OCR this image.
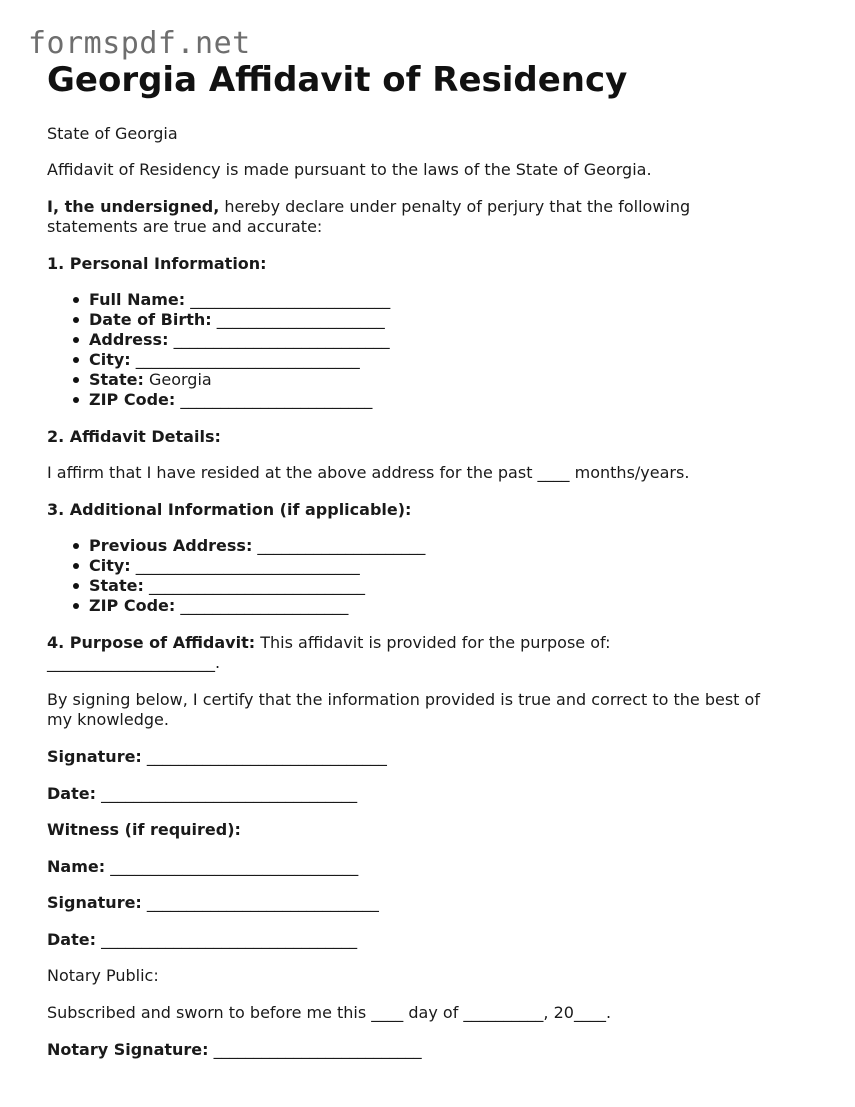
formspdf.net
Georgia Affidavit of Residency

State of Georgia

Affidavit of Residency is made pursuant to the laws of the State of Georgia.

I, the undersigned, hereby declare under penalty of perjury that the following

statements are true and accurate:

1. Personal Information:

Full Name: _________________________
Date of Birth: _____________________
Address: ___________________________
City: ____________________________
State: Georgia
ZIP Code: ________________________

2. Affidavit Details:

I affirm that I have resided at the above address for the past ____ months/years.

3. Additional Information (if applicable):

Previous Address: _____________________
City: ____________________________
State: ___________________________
ZIP Code: _____________________

4. Purpose of Affidavit: This affidavit is provided for the purpose of:

_____________________.

By signing below, I certify that the information provided is true and correct to the best of

my knowledge.

Signature: ______________________________

Date: ________________________________

Witness (if required):

Name: _______________________________

Signature: _____________________________

Date: ________________________________

Notary Public:

Subscribed and sworn to before me this ____ day of __________, 20____.

Notary Signature: __________________________
